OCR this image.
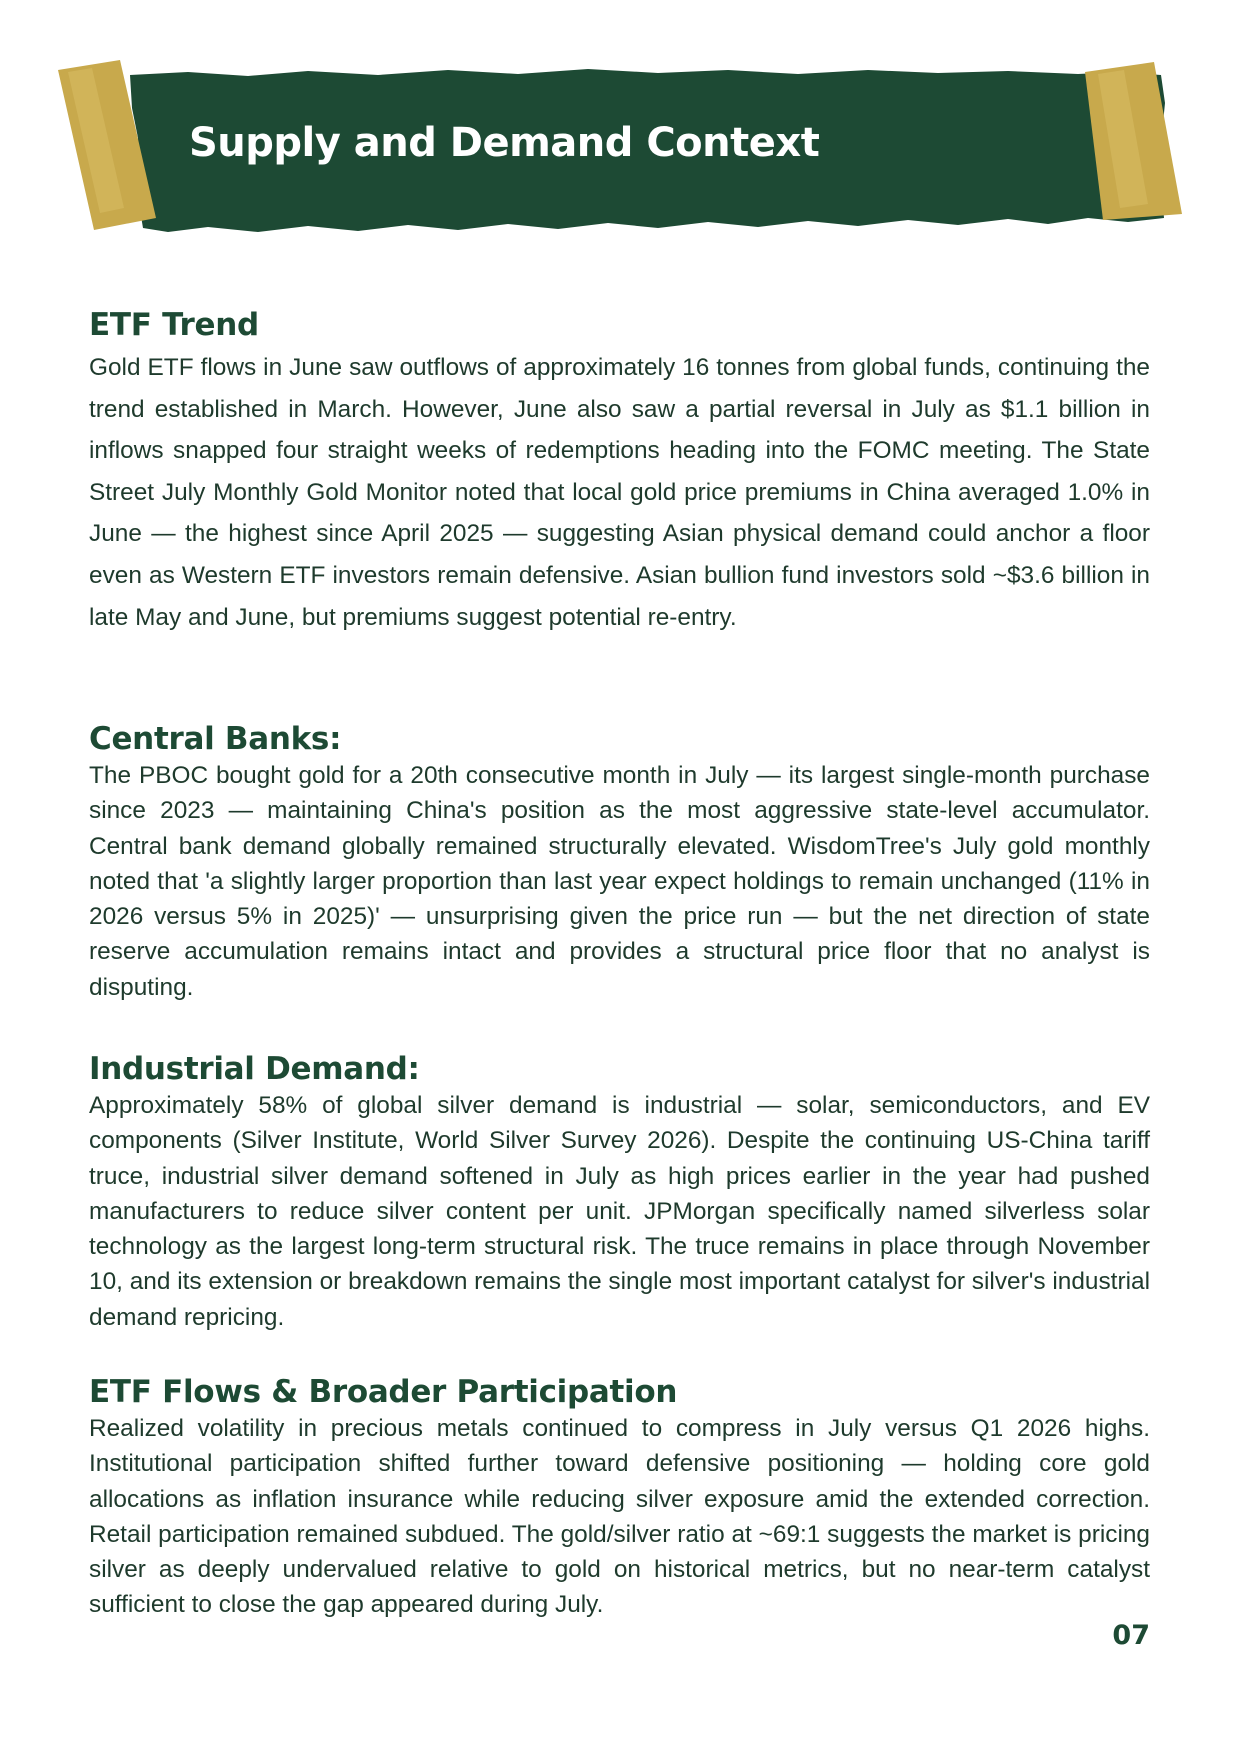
Supply and Demand Context
ETF Trend

Gold ETF flows in June saw outflows of approximately 16 tonnes from global funds, continuing the trend established in March. However, June also saw a partial reversal in July as $1.1 billion in inflows snapped four straight weeks of redemptions heading into the FOMC meeting. The State Street July Monthly Gold Monitor noted that local gold price premiums in China averaged 1.0% in June — the highest since April 2025 — suggesting Asian physical demand could anchor a floor even as Western ETF investors remain defensive. Asian bullion fund investors sold ~$3.6 billion in late May and June, but premiums suggest potential re-entry.

Central Banks:

The PBOC bought gold for a 20th consecutive month in July — its largest single-month purchase since 2023 — maintaining China's position as the most aggressive state-level accumulator. Central bank demand globally remained structurally elevated. WisdomTree's July gold monthly noted that 'a slightly larger proportion than last year expect holdings to remain unchanged (11% in 2026 versus 5% in 2025)' — unsurprising given the price run — but the net direction of state reserve accumulation remains intact and provides a structural price floor that no analyst is disputing.

Industrial Demand:

Approximately 58% of global silver demand is industrial — solar, semiconductors, and EV components (Silver Institute, World Silver Survey 2026). Despite the continuing US-China tariff truce, industrial silver demand softened in July as high prices earlier in the year had pushed manufacturers to reduce silver content per unit. JPMorgan specifically named silverless solar technology as the largest long-term structural risk. The truce remains in place through November 10, and its extension or breakdown remains the single most important catalyst for silver's industrial demand repricing.

ETF Flows & Broader Participation

Realized volatility in precious metals continued to compress in July versus Q1 2026 highs. Institutional participation shifted further toward defensive positioning — holding core gold allocations as inflation insurance while reducing silver exposure amid the extended correction. Retail participation remained subdued. The gold/silver ratio at ~69:1 suggests the market is pricing silver as deeply undervalued relative to gold on historical metrics, but no near-term catalyst sufficient to close the gap appeared during July.

07
